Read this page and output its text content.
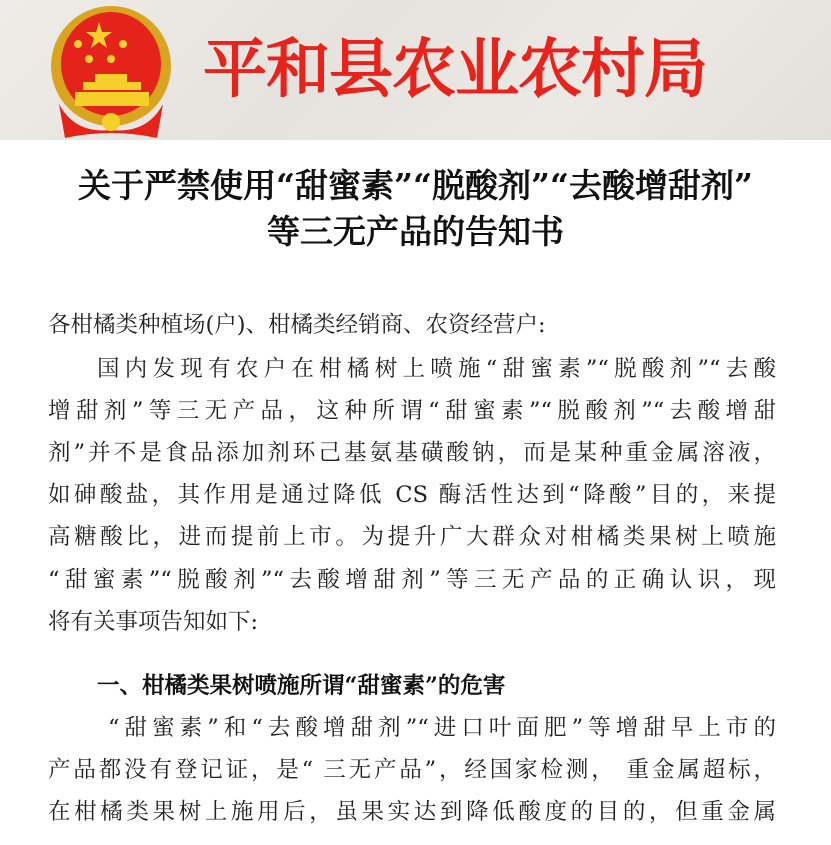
平和县农业农村局
关于严禁使用“甜蜜素”“脱酸剂”“去酸增甜剂”
等三无产品的告知书
各柑橘类种植场(户)、柑橘类经销商、农资经营户:
国内发现有农户在柑橘树上喷施“甜蜜素”“脱酸剂”“去酸
增甜剂”等三无产品，这种所谓“甜蜜素”“脱酸剂”“去酸增甜
剂”并不是食品添加剂环己基氨基磺酸钠，而是某种重金属溶液，
如砷酸盐，其作用是通过降低 CS 酶活性达到“降酸”目的，来提
高糖酸比，进而提前上市。为提升广大群众对柑橘类果树上喷施
“甜蜜素”“脱酸剂”“去酸增甜剂”等三无产品的正确认识，现
将有关事项告知如下:
一、柑橘类果树喷施所谓“甜蜜素”的危害
“甜蜜素”和“去酸增甜剂”“进口叶面肥”等增甜早上市的
产品都没有登记证，是“ 三无产品”，经国家检测， 重金属超标，
在柑橘类果树上施用后，虽果实达到降低酸度的目的，但重金属
